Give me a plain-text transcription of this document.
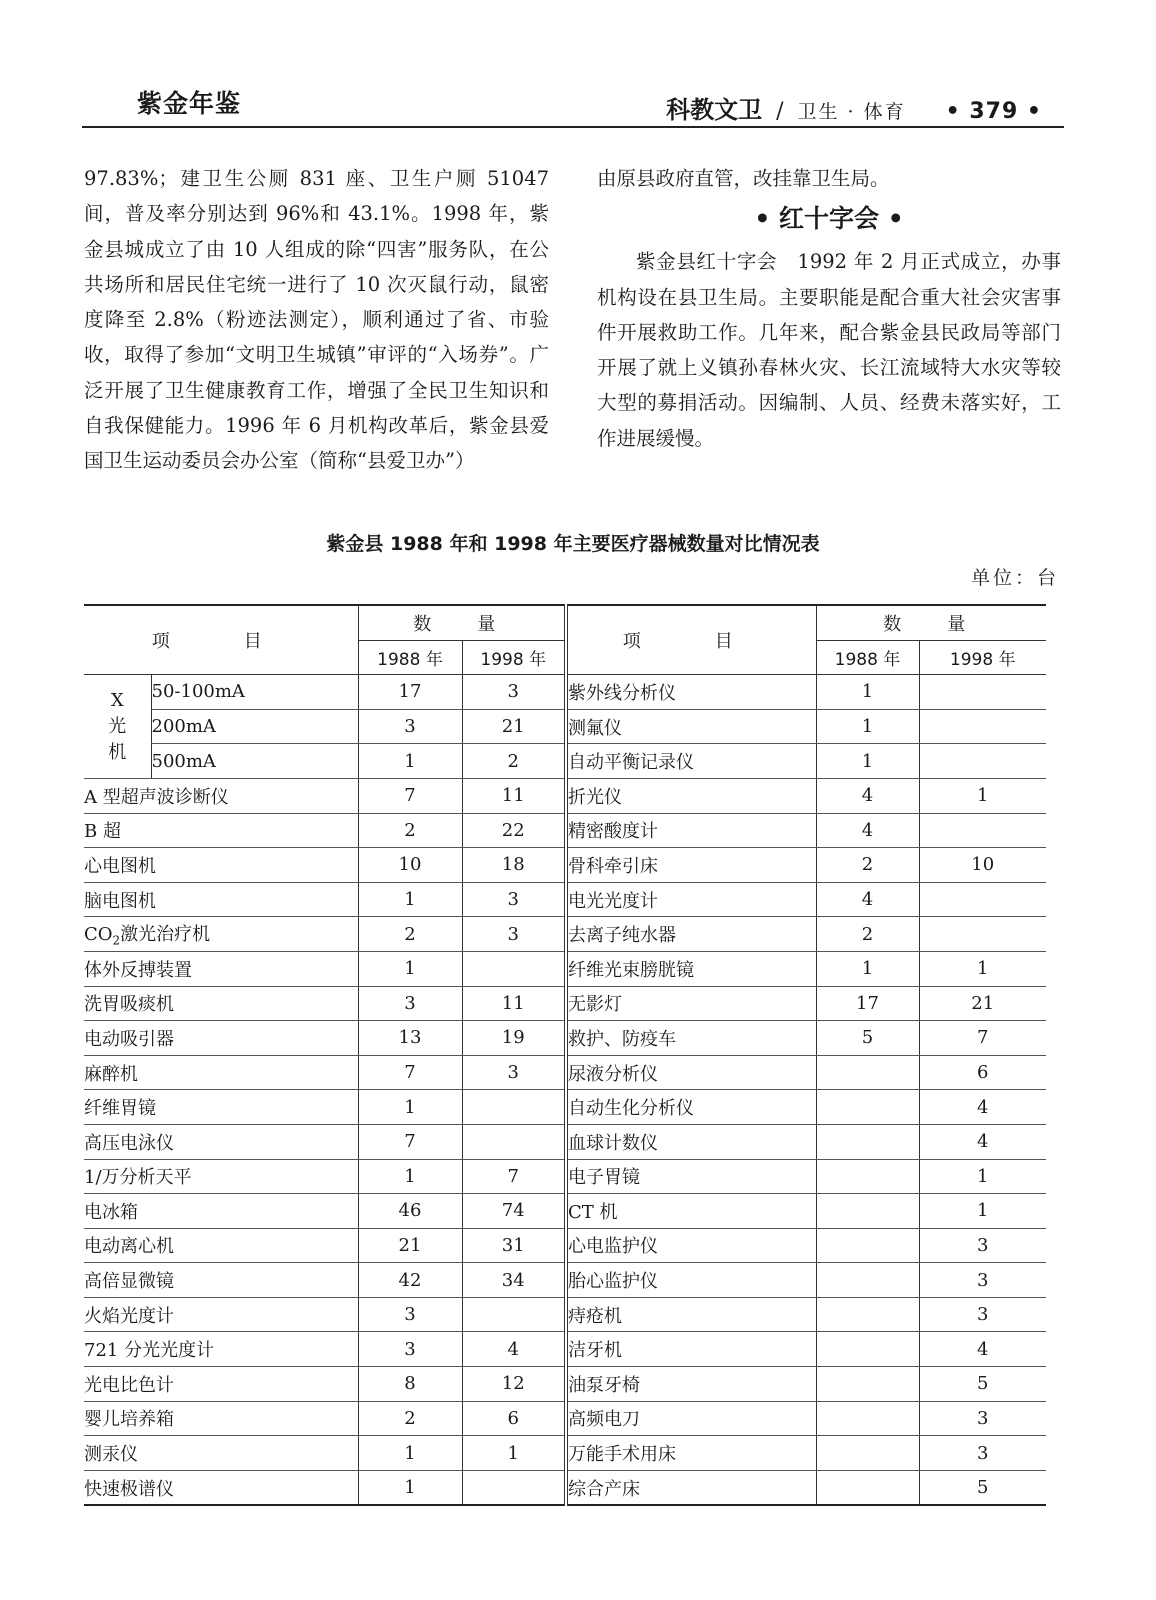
紫金年鉴	科教文卫 / 卫生 · 体育 • 379 •

97.83%；建卫生公厕 831 座、卫生户厕 51047 间，普及率分别达到 96%和 43.1%。1998 年，紫金县城成立了由 10 人组成的除“四害”服务队，在公共场所和居民住宅统一进行了 10 次灭鼠行动，鼠密度降至 2.8%（粉迹法测定），顺利通过了省、市验收，取得了参加“文明卫生城镇”审评的“入场券”。广泛开展了卫生健康教育工作，增强了全民卫生知识和自我保健能力。1996 年 6 月机构改革后，紫金县爱国卫生运动委员会办公室（简称“县爱卫办”）

由原县政府直管，改挂靠卫生局。

• 红十字会 •

紫金县红十字会　1992 年 2 月正式成立，办事机构设在县卫生局。主要职能是配合重大社会灾害事件开展救助工作。几年来，配合紫金县民政局等部门开展了就上义镇孙春林火灾、长江流域特大水灾等较大型的募捐活动。因编制、人员、经费未落实好，工作进展缓慢。

紫金县 1988 年和 1998 年主要医疗器械数量对比情况表
单位：台
项　目		数　量		项　目	数　量	
		1988 年	1998 年		1988 年	1998 年
X
光
机	50-100mA	17	3	紫外线分析仪	1	
	200mA	3	21	测氟仪	1	
	500mA	1	2	自动平衡记录仪	1	
A 型超声波诊断仪		7	11	折光仪	4	1
B 超		2	22	精密酸度计	4	
心电图机		10	18	骨科牵引床	2	10
脑电图机		1	3	电光光度计	4	
$CO_2$激光治疗机		2	3	去离子纯水器	2	
体外反搏装置		1		纤维光束膀胱镜	1	1
洗胃吸痰机		3	11	无影灯	17	21
电动吸引器		13	19	救护、防疫车	5	7
麻醉机		7	3	尿液分析仪		6
纤维胃镜		1		自动生化分析仪		4
高压电泳仪		7		血球计数仪		4
1/万分析天平		1	7	电子胃镜		1
电冰箱		46	74	CT 机		1
电动离心机		21	31	心电监护仪		3
高倍显微镜		42	34	胎心监护仪		3
火焰光度计		3		痔疮机		3
721 分光光度计		3	4	洁牙机		4
光电比色计		8	12	油泵牙椅		5
婴儿培养箱		2	6	高频电刀		3
测汞仪		1	1	万能手术用床		3
快速极谱仪		1		综合产床		5
